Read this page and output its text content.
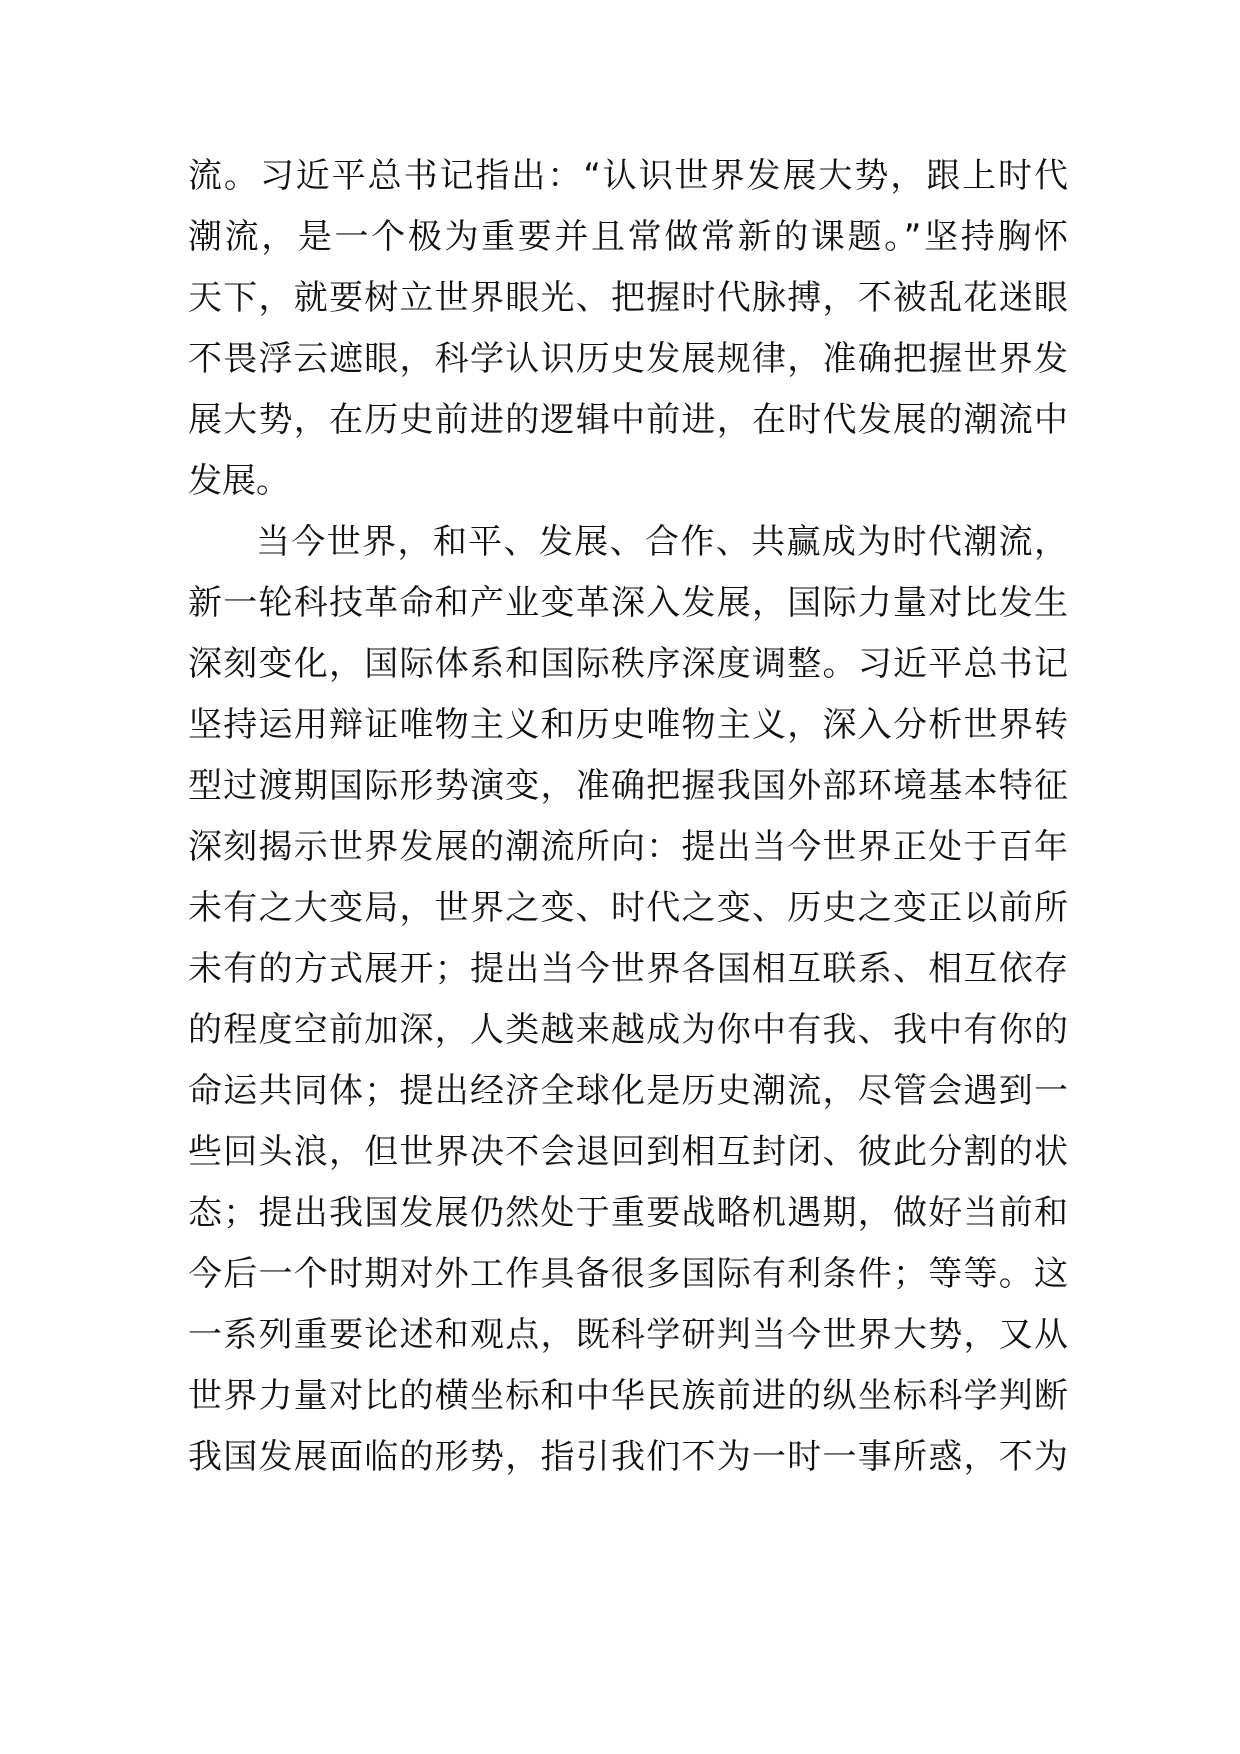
流。习近平总书记指出：“认识世界发展大势，跟上时代
潮流，是一个极为重要并且常做常新的课题。”坚持胸怀
天下，就要树立世界眼光、把握时代脉搏，不被乱花迷眼
不畏浮云遮眼，科学认识历史发展规律，准确把握世界发
展大势，在历史前进的逻辑中前进，在时代发展的潮流中
发展。
当今世界，和平、发展、合作、共赢成为时代潮流，
新一轮科技革命和产业变革深入发展，国际力量对比发生
深刻变化，国际体系和国际秩序深度调整。习近平总书记
坚持运用辩证唯物主义和历史唯物主义，深入分析世界转
型过渡期国际形势演变，准确把握我国外部环境基本特征
深刻揭示世界发展的潮流所向：提出当今世界正处于百年
未有之大变局，世界之变、时代之变、历史之变正以前所
未有的方式展开；提出当今世界各国相互联系、相互依存
的程度空前加深，人类越来越成为你中有我、我中有你的
命运共同体；提出经济全球化是历史潮流，尽管会遇到一
些回头浪，但世界决不会退回到相互封闭、彼此分割的状
态；提出我国发展仍然处于重要战略机遇期，做好当前和
今后一个时期对外工作具备很多国际有利条件；等等。这
一系列重要论述和观点，既科学研判当今世界大势，又从
世界力量对比的横坐标和中华民族前进的纵坐标科学判断
我国发展面临的形势，指引我们不为一时一事所惑，不为
